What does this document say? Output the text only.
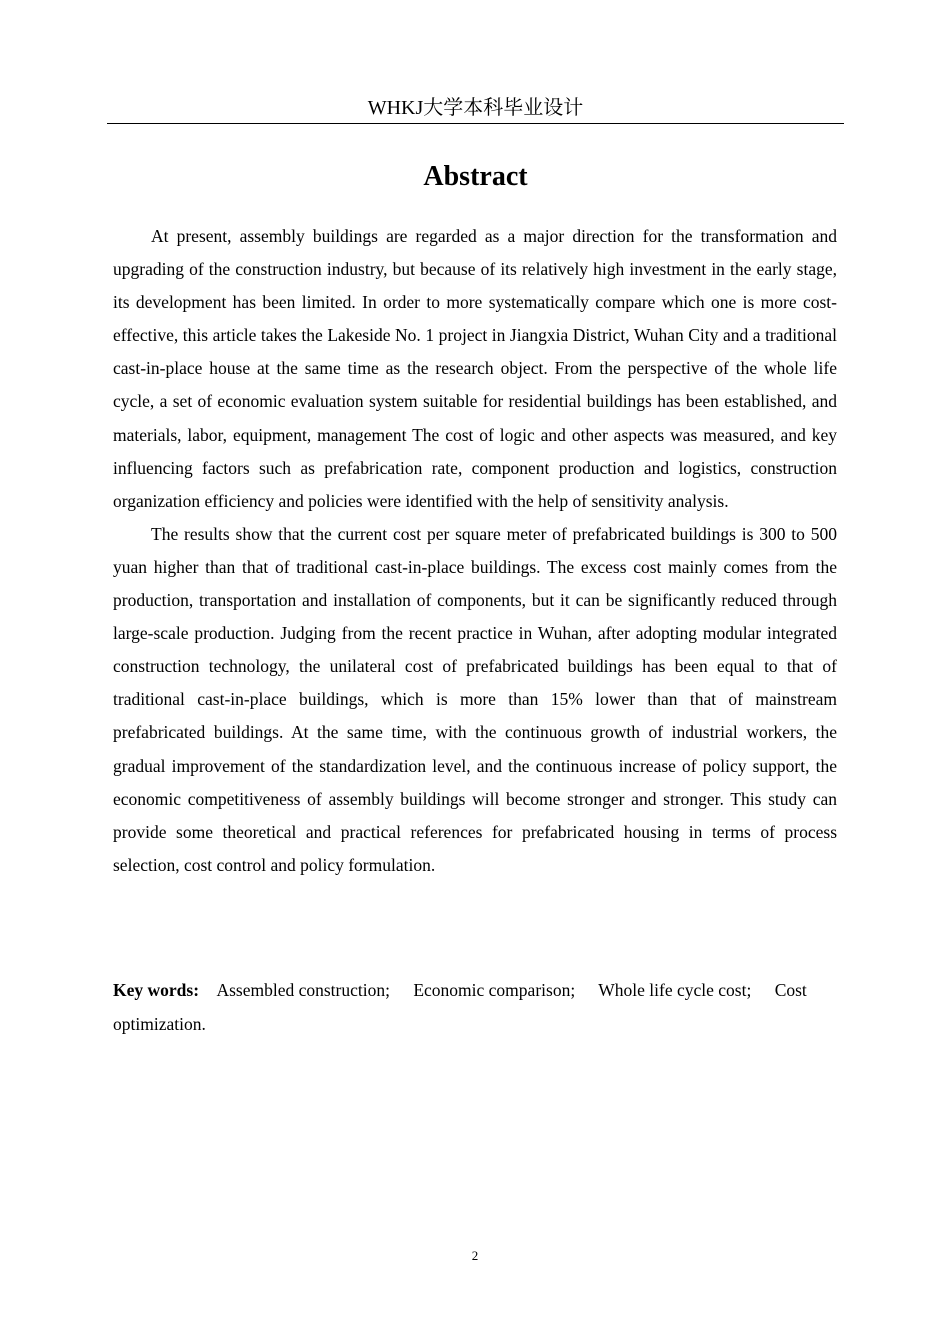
WHKJ大学本科毕业设计
Abstract

At present, assembly buildings are regarded as a major direction for the transformation and upgrading of the construction industry, but because of its relatively high investment in the early stage, its development has been limited. In order to more systematically compare which one is more cost-effective, this article takes the Lakeside No. 1 project in Jiangxia District, Wuhan City and a traditional cast-in-place house at the same time as the research object. From the perspective of the whole life cycle, a set of economic evaluation system suitable for residential buildings has been established, and materials, labor, equipment, management The cost of logic and other aspects was measured, and key influencing factors such as prefabrication rate, component production and logistics, construction organization efficiency and policies were identified with the help of sensitivity analysis.

The results show that the current cost per square meter of prefabricated buildings is 300 to 500 yuan higher than that of traditional cast-in-place buildings. The excess cost mainly comes from the production, transportation and installation of components, but it can be significantly reduced through large-scale production. Judging from the recent practice in Wuhan, after adopting modular integrated construction technology, the unilateral cost of prefabricated buildings has been equal to that of traditional cast-in-place buildings, which is more than 15% lower than that of mainstream prefabricated buildings. At the same time, with the continuous growth of industrial workers, the gradual improvement of the standardization level, and the continuous increase of policy support, the economic competitiveness of assembly buildings will become stronger and stronger. This study can provide some theoretical and practical references for prefabricated housing in terms of process selection, cost control and policy formulation.

Key words: Assembled construction; Economic comparison; Whole life cycle cost; Cost optimization.
2
